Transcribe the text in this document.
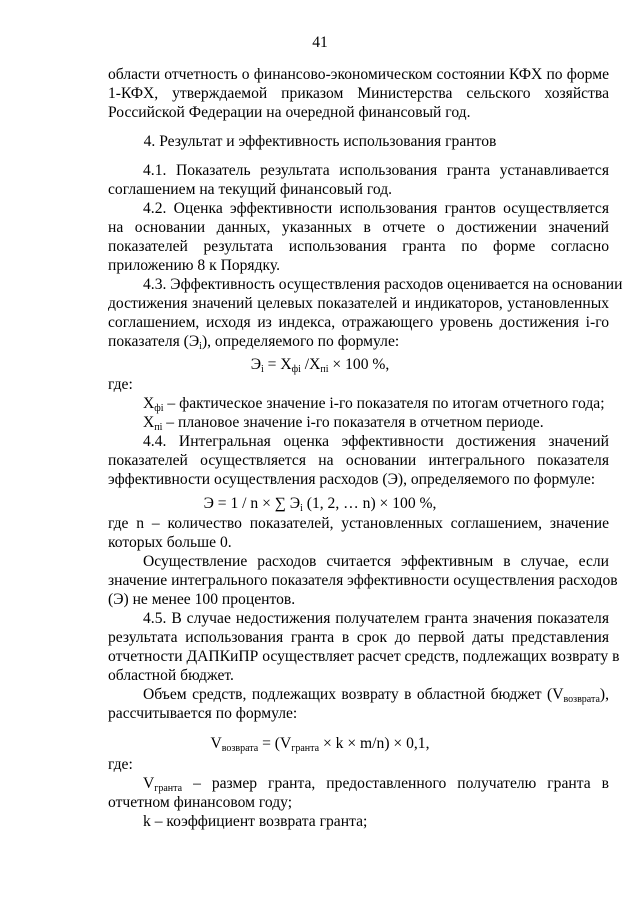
41
области отчетность о финансово-экономическом состоянии КФХ по форме
1-КФХ, утверждаемой приказом Министерства сельского хозяйства
Российской Федерации на очередной финансовый год.
4. Результат и эффективность использования грантов
4.1. Показатель результата использования гранта устанавливается
соглашением на текущий финансовый год.
4.2. Оценка эффективности использования грантов осуществляется
на основании данных, указанных в отчете о достижении значений
показателей результата использования гранта по форме согласно
приложению 8 к Порядку.
4.3. Эффективность осуществления расходов оценивается на основании
достижения значений целевых показателей и индикаторов, установленных
соглашением, исходя из индекса, отражающего уровень достижения i-го
показателя $(Э_i)$, определяемого по формуле:
$Э_i = Х_{фi}$ $/Х_{пi} \times 100$ %,
где:
$Х_{фi}$ – фактическое значение i-го показателя по итогам отчетного года;
$Х_{пi}$ – плановое значение i-го показателя в отчетном периоде.
4.4. Интегральная оценка эффективности достижения значений
показателей осуществляется на основании интегрального показателя
эффективности осуществления расходов (Э), определяемого по формуле:
Э = 1 / n × ∑ $Э_i$ (1, 2, … n) × 100 %,
где n – количество показателей, установленных соглашением, значение
которых больше 0.
Осуществление расходов считается эффективным в случае, если
значение интегрального показателя эффективности осуществления расходов
(Э) не менее 100 процентов.
4.5. В случае недостижения получателем гранта значения показателя
результата использования гранта в срок до первой даты представления
отчетности ДАПКиПР осуществляет расчет средств, подлежащих возврату в
областной бюджет.
Объем средств, подлежащих возврату в областной бюджет $(V_{возврата})$,
рассчитывается по формуле:
$V_{возврата} = (V_{гранта} \times k \times m/n) \times 0,1$,
где:
$V_{гранта}$ – размер гранта, предоставленного получателю гранта в
отчетном финансовом году;
k – коэффициент возврата гранта;
